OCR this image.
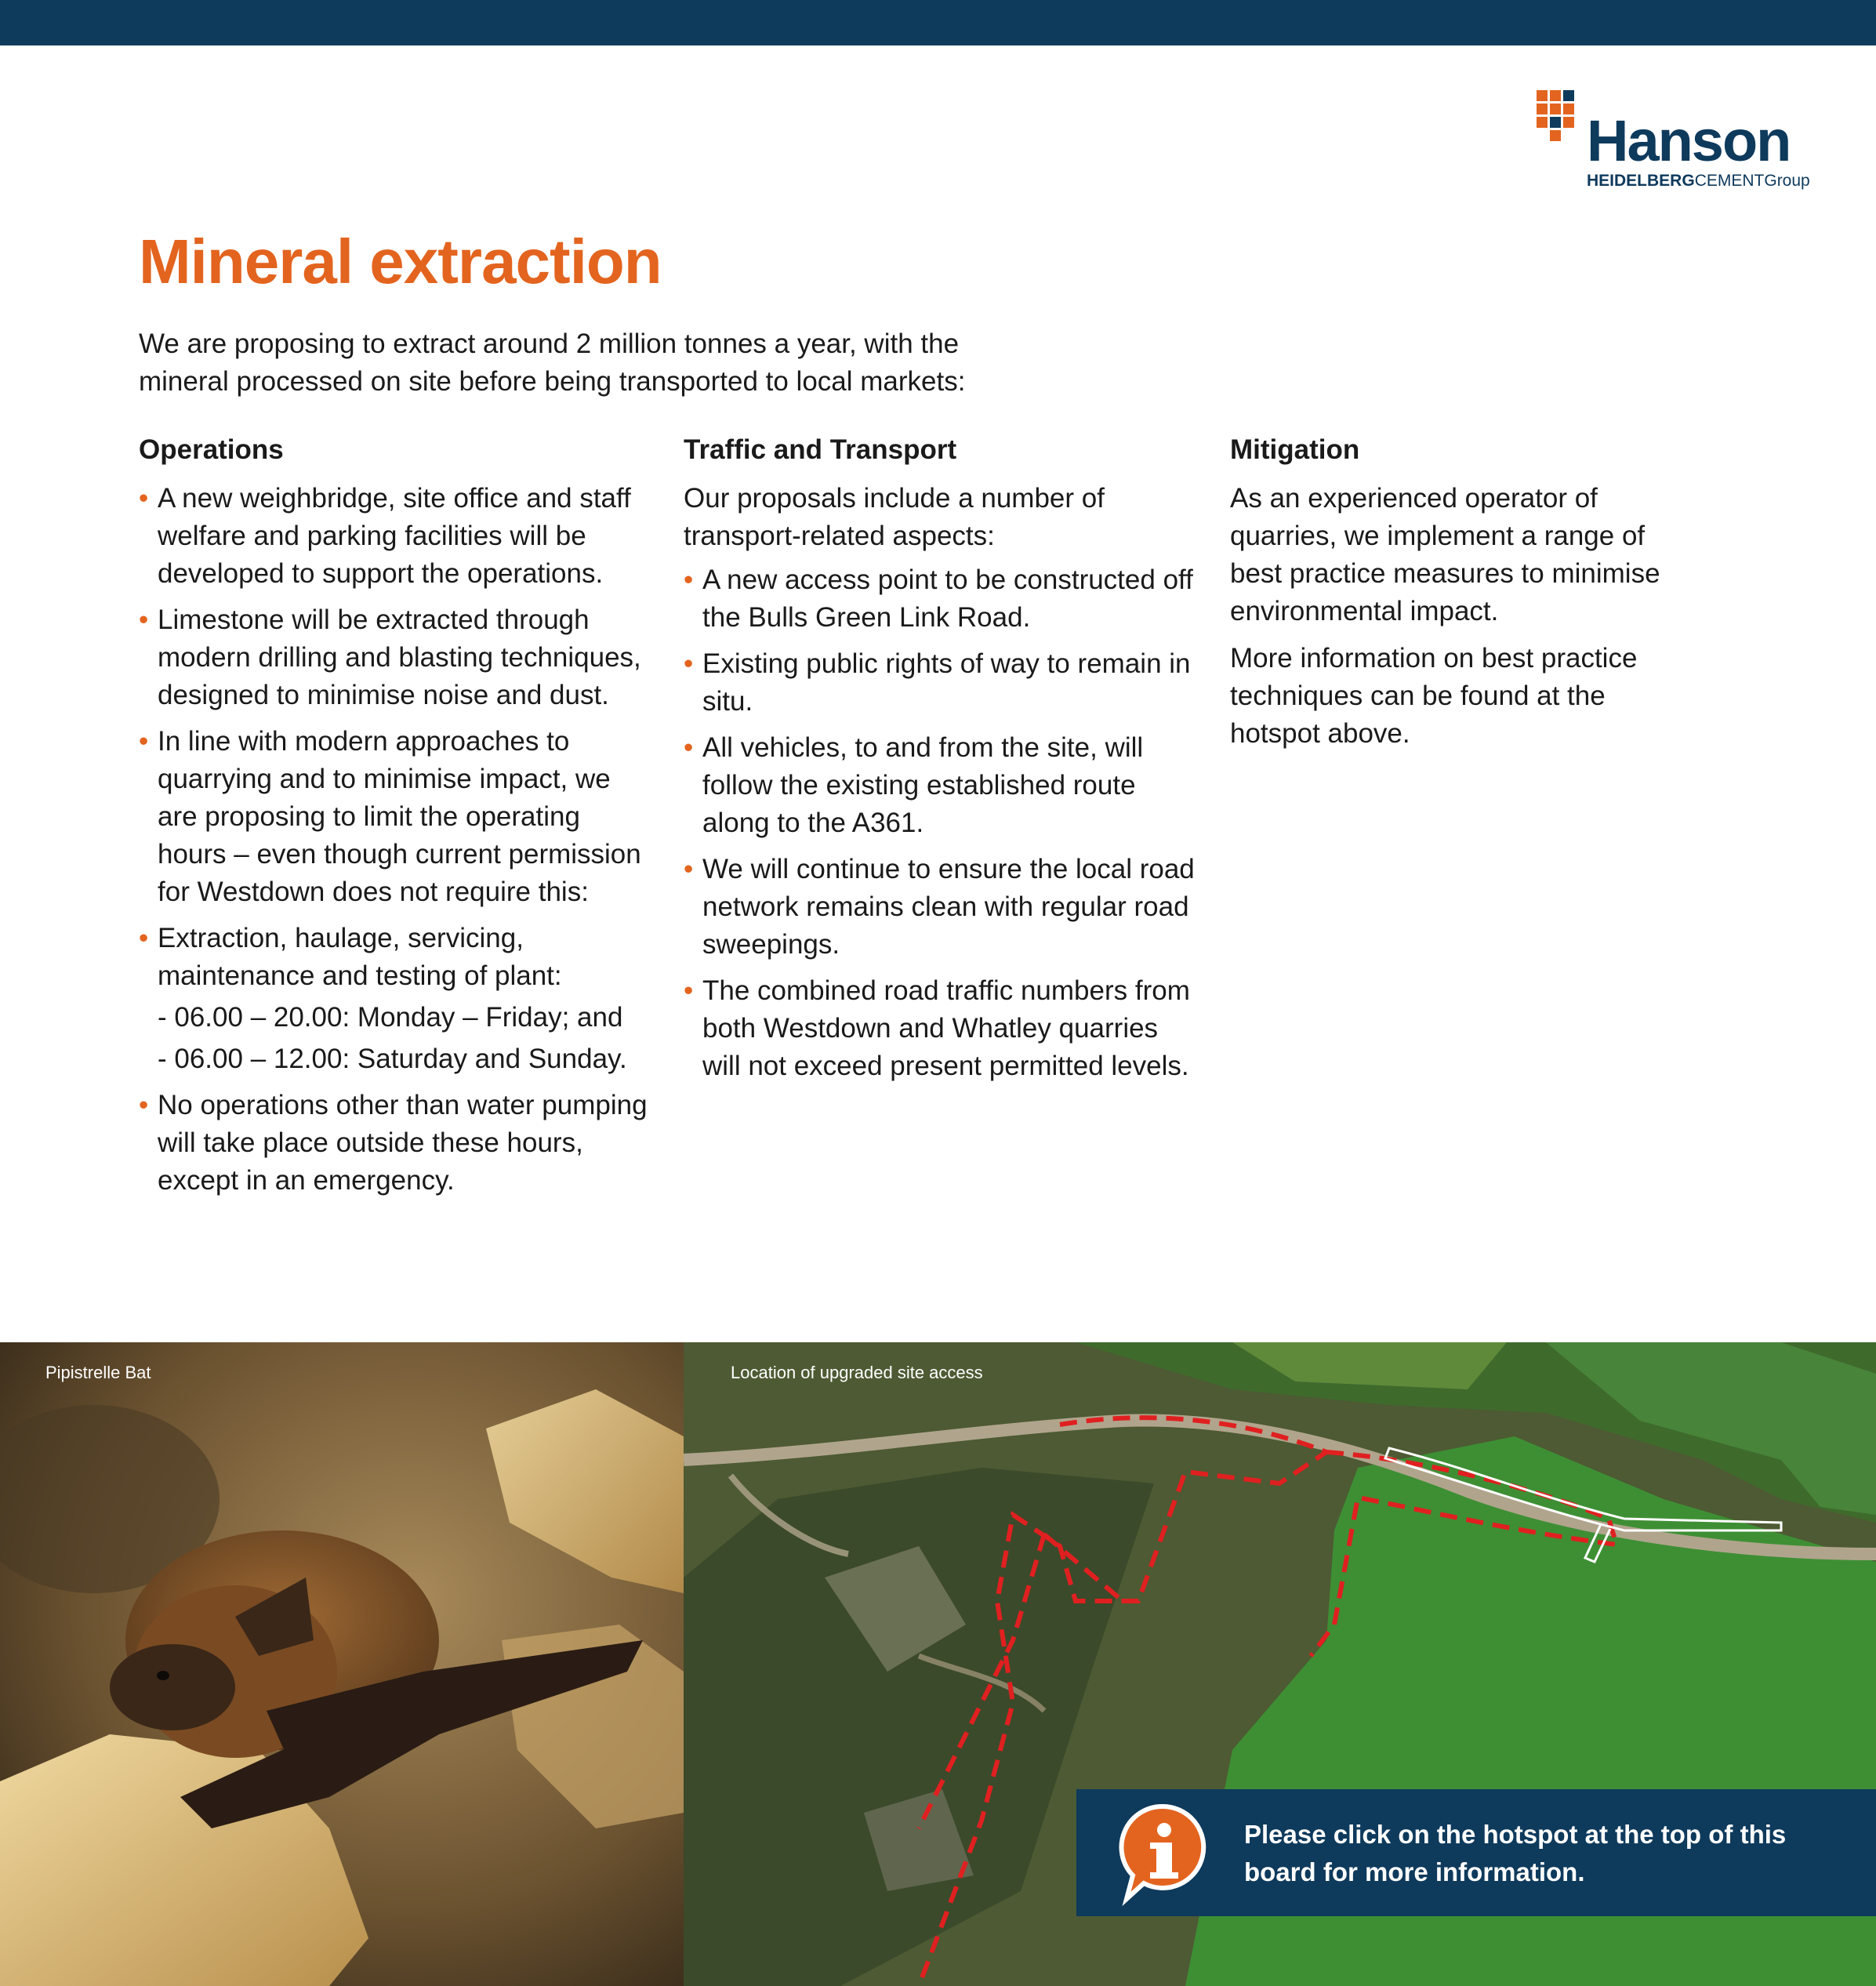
Hanson
HEIDELBERGCEMENTGroup
Mineral extraction

We are proposing to extract around 2 million tonnes a year, with the mineral processed on site before being transported to local markets:

Operations
• A new weighbridge, site office and staff welfare and parking facilities will be developed to support the operations.
• Limestone will be extracted through modern drilling and blasting techniques, designed to minimise noise and dust.
• In line with modern approaches to quarrying and to minimise impact, we are proposing to limit the operating hours – even though current permission for Westdown does not require this:
• Extraction, haulage, servicing, maintenance and testing of plant:
- 06.00 – 20.00: Monday – Friday; and
- 06.00 – 12.00: Saturday and Sunday.
• No operations other than water pumping will take place outside these hours, except in an emergency.
Traffic and Transport

Our proposals include a number of transport-related aspects:

• A new access point to be constructed off the Bulls Green Link Road.
• Existing public rights of way to remain in situ.
• All vehicles, to and from the site, will follow the existing established route along to the A361.
• We will continue to ensure the local road network remains clean with regular road sweepings.
• The combined road traffic numbers from both Westdown and Whatley quarries will not exceed present permitted levels.
Mitigation

As an experienced operator of quarries, we implement a range of best practice measures to minimise environmental impact.

More information on best practice techniques can be found at the hotspot above.

Pipistrelle Bat	Location of upgraded site access

Please click on the hotspot at the top of this board for more information.
